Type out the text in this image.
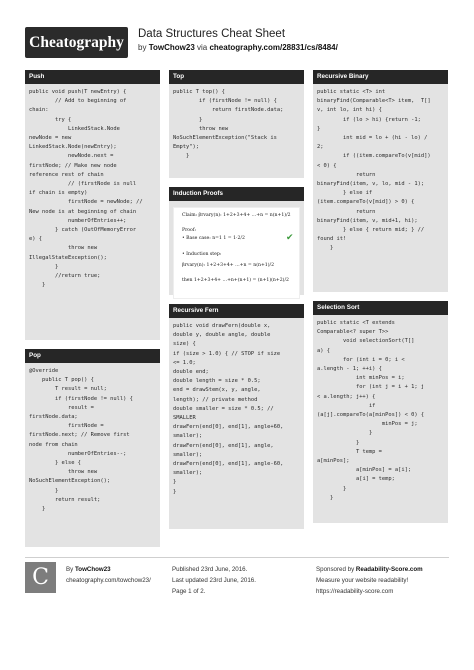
Cheatography	Data Structures Cheat Sheet
by TowChow23 via cheatography.com/28831/cs/8484/
Push
public void push(T newEntry) {
// Add to beginning of
chain:
try {
LinkedStack.Node
newNode = new
LinkedStack.Node(newEntry);
newNode.next =
firstNode; // Make new node
reference rest of chain
// (firstNode is null
if chain is empty)
firstNode = newNode; //
New node is at beginning of chain
numberOfEntries++;
} catch (OutOfMemoryError
e) {
throw new
IllegalStateException();
}
//return true;
}
Pop
@Override
public T pop() {
T result = null;
if (firstNode != null) {
result =
firstNode.data;
firstNode =
firstNode.next; // Remove first
node from chain
numberOfEntries--;
} else {
throw new
NoSuchElementException();
}
return result;
}
Top
public T top() {
if (firstNode != null) {
return firstNode.data;
}
throw new
NoSuchElementException("Stack is
Empty");
}
Induction Proofs
Claim: βrvary(n): 1+2+3+4+ …+n = n(n+1)/2
Proof:
• Base case: n=1 1 = 1·2/2	✔
• Induction step:
βrvary(n): 1+2+3+4+ …+n = n(n+1)/2
then 1+2+3+4+ …+n+(n+1) = (n+1)(n+2)/2
Recursive Fern
public void drawFern(double x,
double y, double angle, double
size) {
if (size > 1.0) { // STOP if size
<= 1.0;
double end;
double length = size * 0.5;
end = drawStem(x, y, angle,
length); // private method
double smaller = size * 0.5; //
SMALLER
drawFern(end[0], end[1], angle+60,
smaller);
drawFern(end[0], end[1], angle,
smaller);
drawFern(end[0], end[1], angle-60,
smaller);
}
}
Recursive Binary
public static <T> int
binaryFind(Comparable<T> item,  T[]
v, int lo, int hi) {
if (lo > hi) {return -1;
}
int mid = lo + (hi - lo) /
2;
if ((item.compareTo(v[mid])
< 0) {
return
binaryFind(item, v, lo, mid - 1);
} else if
(item.compareTo(v[mid]) > 0) {
return
binaryFind(item, v, mid+1, hi);
} else { return mid; } //
found it!
}
Selection Sort
public static <T extends
Comparable<? super T>>
void selectionSort(T[]
a) {
for (int i = 0; i <
a.length - 1; ++i) {
int minPos = i;
for (int j = i + 1; j
< a.length; j++) {
if
(a[j].compareTo(a[minPos]) < 0) {
minPos = j;
}
}
T temp =
a[minPos];
a[minPos] = a[i];
a[i] = temp;
}
}
C	By TowChow23
cheatography.com/towchow23/
Published 23rd June, 2016.
Last updated 23rd June, 2016.
Page 1 of 2.
Sponsored by Readability-Score.com
Measure your website readability!
https://readability-score.com
